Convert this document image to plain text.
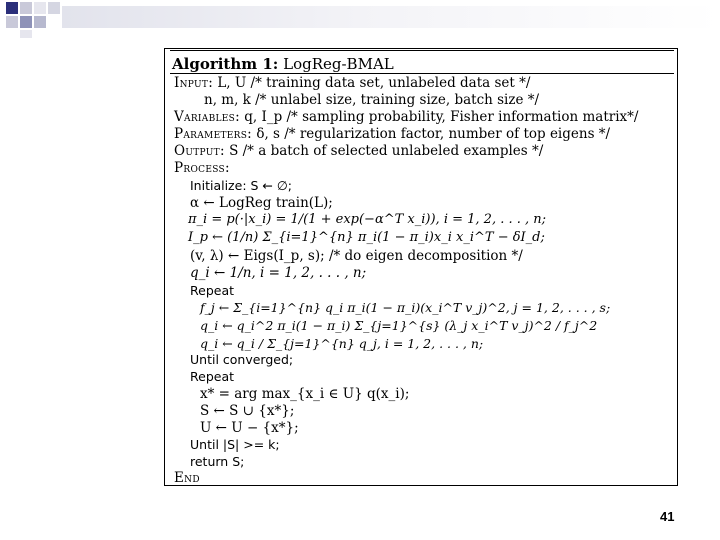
Algorithm 1: LogReg-BMAL
Input: L, U /* training data set, unlabeled data set */
n, m, k /* unlabel size, training size, batch size */
Variables: q, I_p /* sampling probability, Fisher information matrix*/
Parameters: δ, s /* regularization factor, number of top eigens */
Output: S /* a batch of selected unlabeled examples */
Process:
Initialize: S ← ∅;
α ← LogReg train(L);
π_i = p(·|x_i) = 1/(1 + exp(−α^T x_i)), i = 1, 2, . . . , n;
I_p ← (1/n) Σ_{i=1}^{n} π_i(1 − π_i)x_i x_i^T − δI_d;
(v, λ) ← Eigs(I_p, s); /* do eigen decomposition */
q_i ← 1/n, i = 1, 2, . . . , n;
Repeat
f_j ← Σ_{i=1}^{n} q_i π_i(1 − π_i)(x_i^T v_j)^2, j = 1, 2, . . . , s;
q_i ← q_i^2 π_i(1 − π_i) Σ_{j=1}^{s} (λ_j x_i^T v_j)^2 / f_j^2
q_i ← q_i / Σ_{j=1}^{n} q_j, i = 1, 2, . . . , n;
Until converged;
Repeat
x* = arg max_{x_i ∈ U} q(x_i);
S ← S ∪ {x*};
U ← U − {x*};
Until |S| >= k;
return S;
End
41
